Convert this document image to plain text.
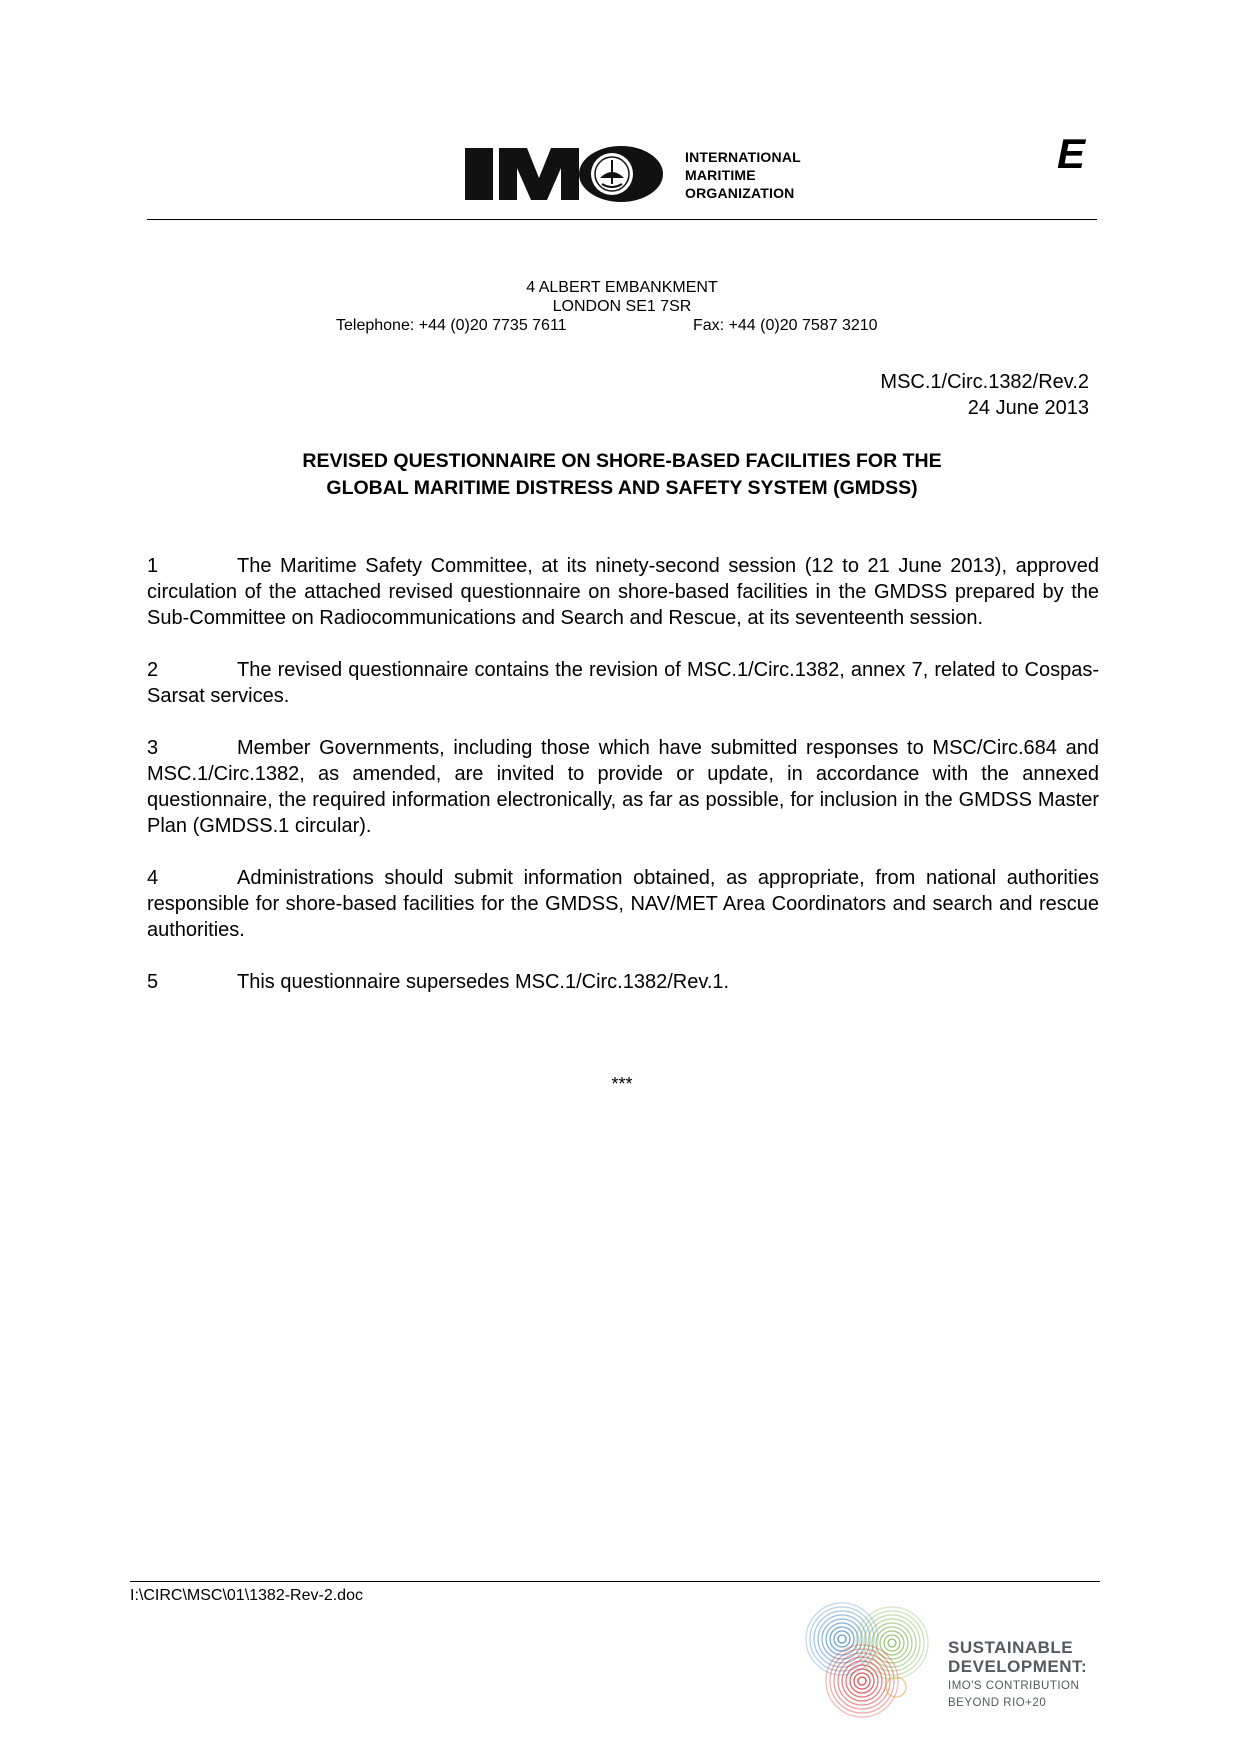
INTERNATIONAL
MARITIME
ORGANIZATION
E
4 ALBERT EMBANKMENT
LONDON SE1 7SR
Telephone: +44 (0)20 7735 7611	Fax: +44 (0)20 7587 3210
MSC.1/Circ.1382/Rev.2
24 June 2013
REVISED QUESTIONNAIRE ON SHORE-BASED FACILITIES FOR THE
GLOBAL MARITIME DISTRESS AND SAFETY SYSTEM (GMDSS)

1	The Maritime Safety Committee, at its ninety-second session (12 to 21 June 2013), approved circulation of the attached revised questionnaire on shore-based facilities in the GMDSS prepared by the Sub-Committee on Radiocommunications and Search and Rescue, at its seventeenth session.

2	The revised questionnaire contains the revision of MSC.1/Circ.1382, annex 7, related to Cospas-Sarsat services.

3	Member Governments, including those which have submitted responses to MSC/Circ.684 and MSC.1/Circ.1382, as amended, are invited to provide or update, in accordance with the annexed questionnaire, the required information electronically, as far as possible, for inclusion in the GMDSS Master Plan (GMDSS.1 circular).

4	Administrations should submit information obtained, as appropriate, from national authorities responsible for shore-based facilities for the GMDSS, NAV/MET Area Coordinators and search and rescue authorities.

5	This questionnaire supersedes MSC.1/Circ.1382/Rev.1.

***
I:\CIRC\MSC\01\1382-Rev-2.doc
SUSTAINABLE
DEVELOPMENT:
IMO'S CONTRIBUTION
BEYOND RIO+20
